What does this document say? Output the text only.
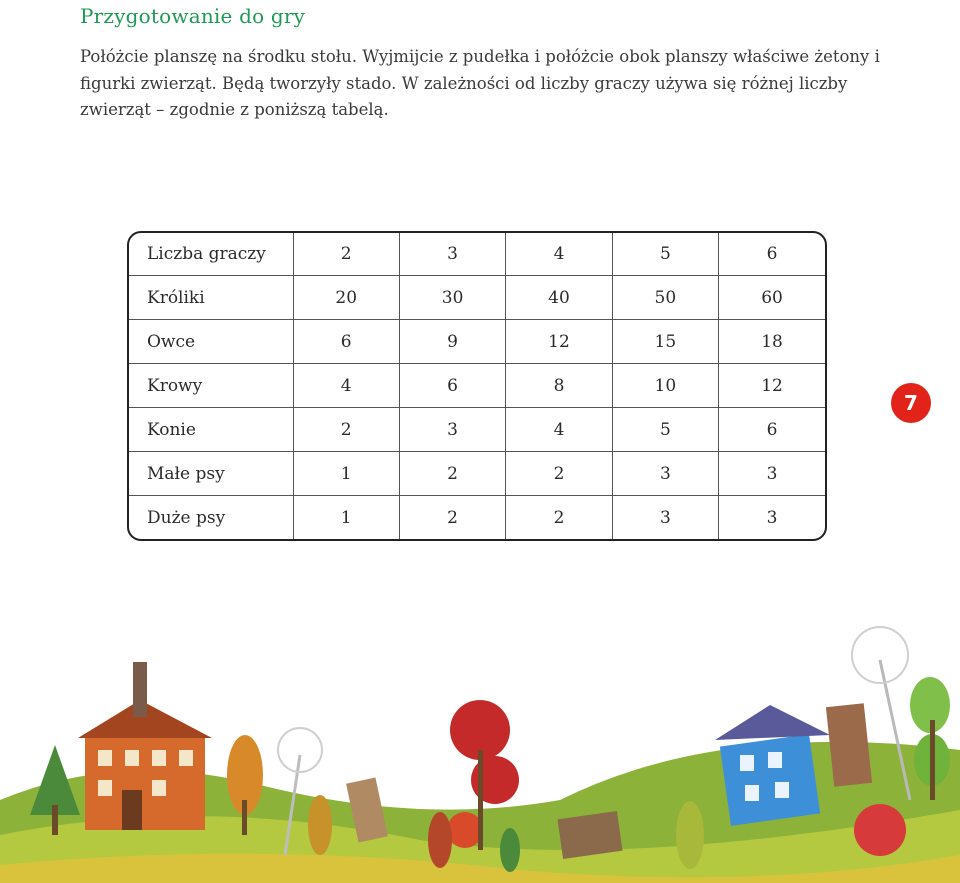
Przygotowanie do gry

Połóżcie planszę na środku stołu. Wyjmijcie z pudełka i połóżcie obok planszy właściwe żetony i figurki zwierząt. Będą tworzyły stado. W zależności od liczby graczy używa się różnej liczby zwierząt – zgodnie z poniższą tabelą.

Liczba graczy	2	3	4	5	6
Króliki	20	30	40	50	60
Owce	6	9	12	15	18
Krowy	4	6	8	10	12
Konie	2	3	4	5	6
Małe psy	1	2	2	3	3
Duże psy	1	2	2	3	3
7
